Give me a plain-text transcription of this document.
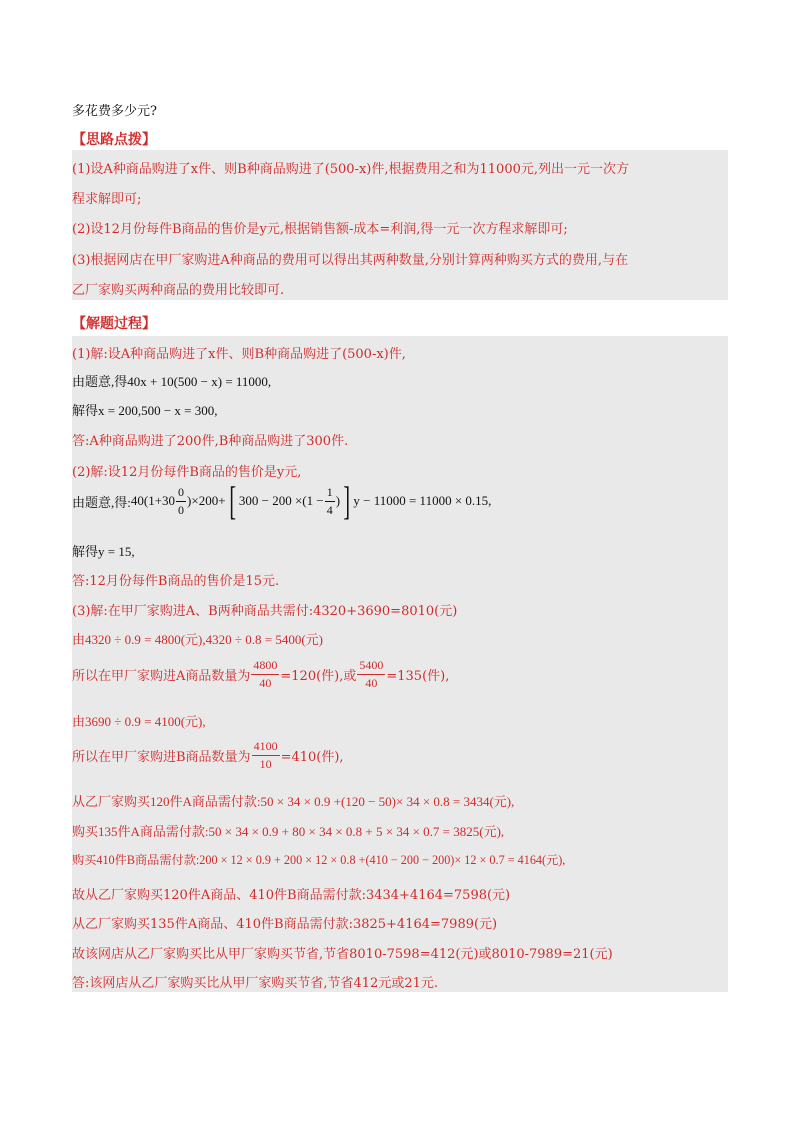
多花费多少元?
【思路点拨】
(1)设A种商品购进了x件、则B种商品购进了(500-x)件,根据费用之和为11000元,列出一元一次方
程求解即可;
(2)设12月份每件B商品的售价是y元,根据销售额-成本=利润,得一元一次方程求解即可;
(3)根据网店在甲厂家购进A种商品的费用可以得出其两种数量,分别计算两种购买方式的费用,与在
乙厂家购买两种商品的费用比较即可.
【解题过程】
(1)解:设A种商品购进了x件、则B种商品购进了(500-x)件,
由题意,得40x + 10(500 − x) = 11000,
解得x = 200,500 − x = 300,
答:A种商品购进了200件,B种商品购进了300件.
(2)解:设12月份每件B商品的售价是y元,
由题意,得: $40(1+30 \frac{0}{0} )\times 200+$ [ $300 - 200 \times(1 - \frac{1}{4}$ ) ] y − 11000 = 11000 × 0.15,
解得y = 15,
答:12月份每件B商品的售价是15元.
(3)解:在甲厂家购进A、B两种商品共需付:4320+3690=8010(元)
由4320 ÷ 0.9 = 4800(元),4320 ÷ 0.8 = 5400(元)
所以在甲厂家购进A商品数量为 $\frac{4800}{40} =120$(件),或 $\frac{5400}{40} =135$(件),
由3690 ÷ 0.9 = 4100(元),
所以在甲厂家购进B商品数量为 $\frac{4100}{10} =410$(件),
从乙厂家购买120件A商品需付款:50 × 34 × 0.9 +(120 − 50)× 34 × 0.8 = 3434(元),
购买135件A商品需付款:50 × 34 × 0.9 + 80 × 34 × 0.8 + 5 × 34 × 0.7 = 3825(元),
购买410件B商品需付款:200 × 12 × 0.9 + 200 × 12 × 0.8 +(410 − 200 − 200)× 12 × 0.7 = 4164(元),
故从乙厂家购买120件A商品、410件B商品需付款:3434+4164=7598(元)
从乙厂家购买135件A商品、410件B商品需付款:3825+4164=7989(元)
故该网店从乙厂家购买比从甲厂家购买节省,节省8010-7598=412(元)或8010-7989=21(元)
答:该网店从乙厂家购买比从甲厂家购买节省,节省412元或21元.
